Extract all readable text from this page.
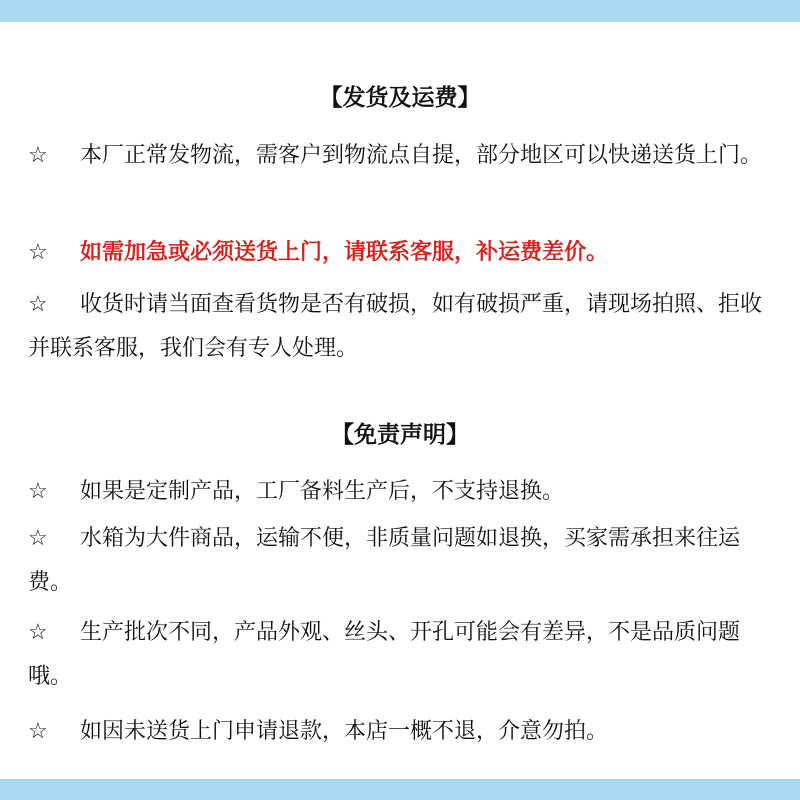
【发货及运费】
☆ 本厂正常发物流，需客户到物流点自提，部分地区可以快递送货上门。
☆ 如需加急或必须送货上门，请联系客服，补运费差价。
☆ 收货时请当面查看货物是否有破损，如有破损严重，请现场拍照、拒收并联系客服，我们会有专人处理。
【免责声明】
☆ 如果是定制产品，工厂备料生产后，不支持退换。
☆ 水箱为大件商品，运输不便，非质量问题如退换，买家需承担来往运费。
☆ 生产批次不同，产品外观、丝头、开孔可能会有差异，不是品质问题哦。
☆ 如因未送货上门申请退款，本店一概不退，介意勿拍。
